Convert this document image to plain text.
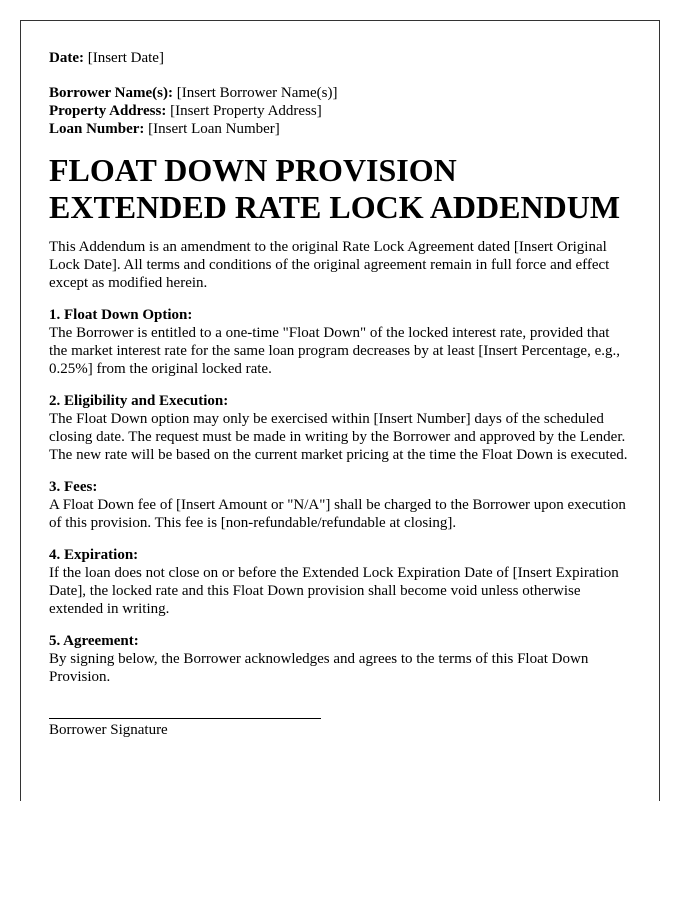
Date: [Insert Date]

Borrower Name(s): [Insert Borrower Name(s)]

Property Address: [Insert Property Address]

Loan Number: [Insert Loan Number]

FLOAT DOWN PROVISION
EXTENDED RATE LOCK ADDENDUM

This Addendum is an amendment to the original Rate Lock Agreement dated [Insert Original Lock Date]. All terms and conditions of the original agreement remain in full force and effect except as modified herein.

1. Float Down Option:
The Borrower is entitled to a one-time "Float Down" of the locked interest rate, provided that the market interest rate for the same loan program decreases by at least [Insert Percentage, e.g., 0.25%] from the original locked rate.

2. Eligibility and Execution:
The Float Down option may only be exercised within [Insert Number] days of the scheduled closing date. The request must be made in writing by the Borrower and approved by the Lender. The new rate will be based on the current market pricing at the time the Float Down is executed.

3. Fees:
A Float Down fee of [Insert Amount or "N/A"] shall be charged to the Borrower upon execution of this provision. This fee is [non-refundable/refundable at closing].

4. Expiration:
If the loan does not close on or before the Extended Lock Expiration Date of [Insert Expiration Date], the locked rate and this Float Down provision shall become void unless otherwise extended in writing.

5. Agreement:
By signing below, the Borrower acknowledges and agrees to the terms of this Float Down Provision.

Borrower Signature
